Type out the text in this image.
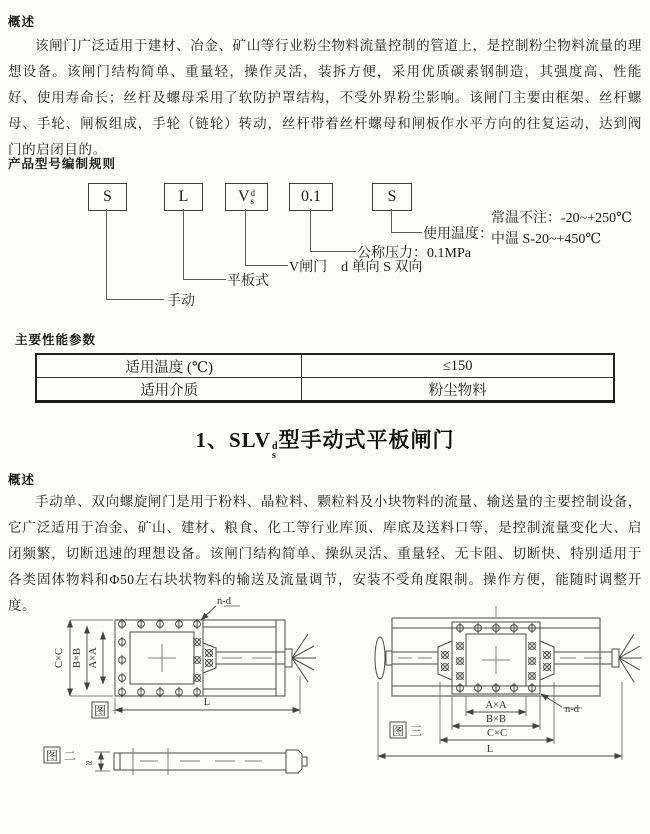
概述
该闸门广泛适用于建材、冶金、矿山等行业粉尘物料流量控制的管道上，是控制粉尘物料流量的理想设备。该闸门结构简单、重量轻，操作灵活，装拆方便，采用优质碳素钢制造，其强度高、性能好、使用寿命长；丝杆及螺母采用了软防护罩结构，不受外界粉尘影响。该闸门主要由框架、丝杆螺母、手轮、闸板组成，手轮（链轮）转动，丝杆带着丝杆螺母和闸板作水平方向的往复运动，达到阀门的启闭目的。
产品型号编制规则
S	L	V d
s	0.1	S
使用温度：
常温不注：-20~+250℃
中温 S-20~+450℃
公称压力：0.1MPa
V闸门　d 单向 S 双向
平板式
手动
主要性能参数
适用温度 (℃)	≤150
适用介质	粉尘物料
1、SLV d
s
型手动式平板闸门
概述
手动单、双向螺旋闸门是用于粉料、晶粒料、颗粒料及小块物料的流量、输送量的主要控制设备，它广泛适用于冶金、矿山、建材、粮食、化工等行业库顶、库底及送料口等，是控制流量变化大、启闭频繁，切断迅速的理想设备。该闸门结构简单、操纵灵活、重量轻、无卡阻、切断快、特别适用于各类固体物料和Φ50左右块状物料的输送及流量调节，安装不受角度限制。操作方便，能随时调整开度。
C×C B×B A×A
n-d
L
图 一
图 二 ≈
n-d
A×A
B×B
C×C
L
图 三
